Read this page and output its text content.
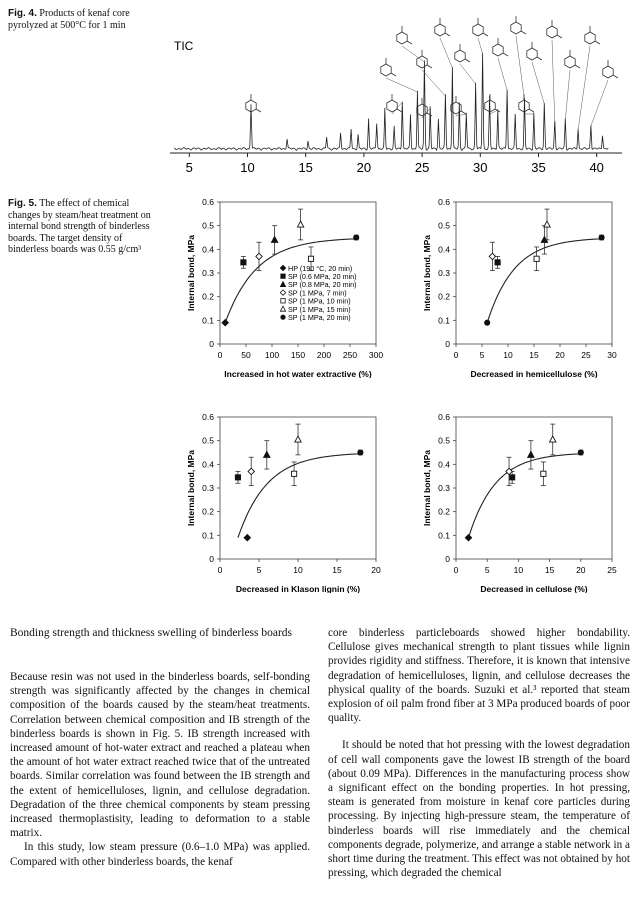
Fig. 4. Products of kenaf core pyrolyzed at 500°C for 1 min
TIC
5	10	15	20	25	30	35	40
Fig. 5. The effect of chemical changes by steam/heat treatment on internal bond strength of binderless boards. The target density of binderless boards was 0.55 g/cm³
0
0.1
0.2
0.3
0.4
0.5
0.6
0 50 100 150 200 250 300
Increased in hot water extractive (%)
Internal bond, MPa	HP (190 °C, 20 min)
SP (0.6 MPa, 20 min)
SP (0.8 MPa, 20 min)
SP (1 MPa, 7 min)
SP (1 MPa, 10 min)
SP (1 MPa, 15 min)
SP (1 MPa, 20 min)
0
0.1
0.2
0.3
0.4
0.5
0.6
0	5 10 15 20 25 30
Decreased in hemicellulose (%)
Internal bond, MPa
0
0.1
0.2
0.3
0.4
0.5
0.6
0	5	10	15	20
Decreased in Klason lignin (%)
Internal bond, MPa
0
0.1
0.2
0.3
0.4
0.5
0.6
0	5	10	15	20	25
Decreased in cellulose (%)
Internal bond, MPa
Bonding strength and thickness swelling of binderless boards

Because resin was not used in the binderless boards, self-bonding strength was significantly affected by the changes in chemical composition of the boards caused by the steam/heat treatments. Correlation between chemical composition and IB strength of the binderless boards is shown in Fig. 5. IB strength increased with increased amount of hot-water extract and reached a plateau when the amount of hot water extract reached twice that of the untreated boards. Similar correlation was found between the IB strength and the extent of hemicelluloses, lignin, and cellulose degradation. Degradation of the three chemical components by steam pressing increased thermoplastisity, leading to deformation to a stable matrix.

In this study, low steam pressure (0.6–1.0 MPa) was applied. Compared with other binderless boards, the kenaf

core binderless particleboards showed higher bondability. Cellulose gives mechanical strength to plant tissues while lignin provides rigidity and stiffness. Therefore, it is known that intensive degradation of hemicelluloses, lignin, and cellulose decreases the physical quality of the boards. Suzuki et al.³ reported that steam explosion of oil palm frond fiber at 3 MPa produced boards of poor quality.

It should be noted that hot pressing with the lowest degradation of cell wall components gave the lowest IB strength of the board (about 0.09 MPa). Differences in the manufacturing process show a significant effect on the bonding properties. In hot pressing, steam is generated from moisture in kenaf core particles during processing. By injecting high-pressure steam, the temperature of binderless boards will rise immediately and the chemical components degrade, polymerize, and arrange a stable network in a short time during the treatment. This effect was not obtained by hot pressing, which degraded the chemical
